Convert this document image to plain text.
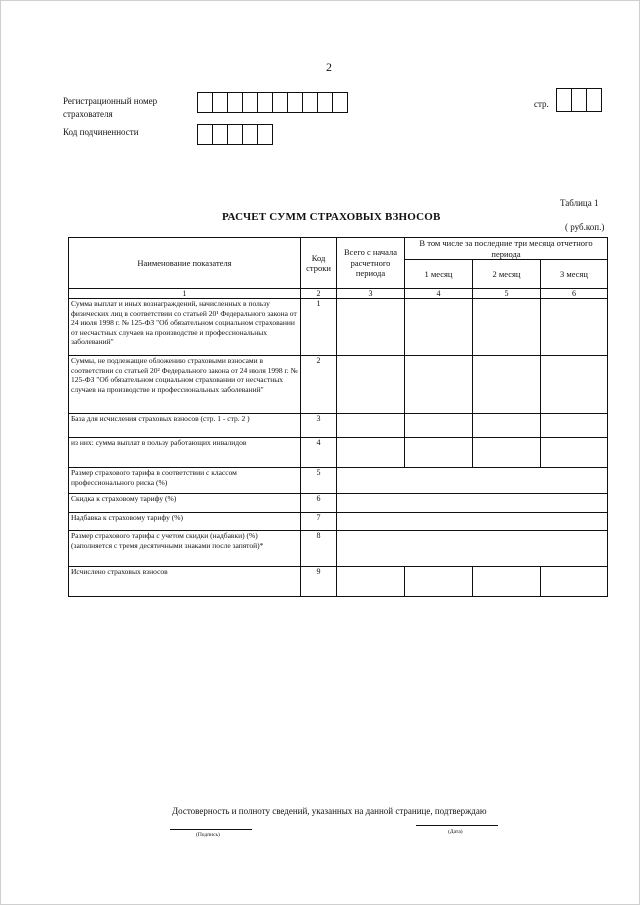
2
Регистрационный номер страхователя
Код подчиненности
стр.
Таблица 1
РАСЧЕТ СУММ СТРАХОВЫХ ВЗНОСОВ
( руб.коп.)
Наименование показателя	Код строки	Всего с начала расчетного периода	В том числе за последние три месяца отчетного периода		
			1 месяц	2 месяц	3 месяц
1	2	3	4	5	6
Сумма выплат и иных вознаграждений, начисленных в пользу физических лиц в соответствии со статьей 20¹ Федерального закона от 24 июля 1998 г. № 125-ФЗ "Об обязательном социальном страховании от несчастных случаев на производстве и профессиональных заболеваний"	1				
Суммы, не подлежащие обложению страховыми взносами в соответствии со статьей 20² Федерального закона от 24 июля 1998 г. № 125-ФЗ "Об обязательном социальном страховании от несчастных случаев на производстве и профессиональных заболеваний"	2				
База для исчисления страховых взносов (стр. 1 - стр. 2 )	3				
из них: сумма выплат в пользу работающих инвалидов	4				
Размер страхового тарифа в соответствии с классом профессионального риска (%)	5				
Скидка к страховому тарифу (%)	6				
Надбавка к страховому тарифу (%)	7				
Размер страхового тарифа с учетом скидки (надбавки) (%) (заполняется с тремя десятичными знаками после запятой)*	8				
Исчислено страховых взносов	9				
Достоверность и полноту сведений, указанных на данной странице, подтверждаю
(Подпись)	(Дата)
